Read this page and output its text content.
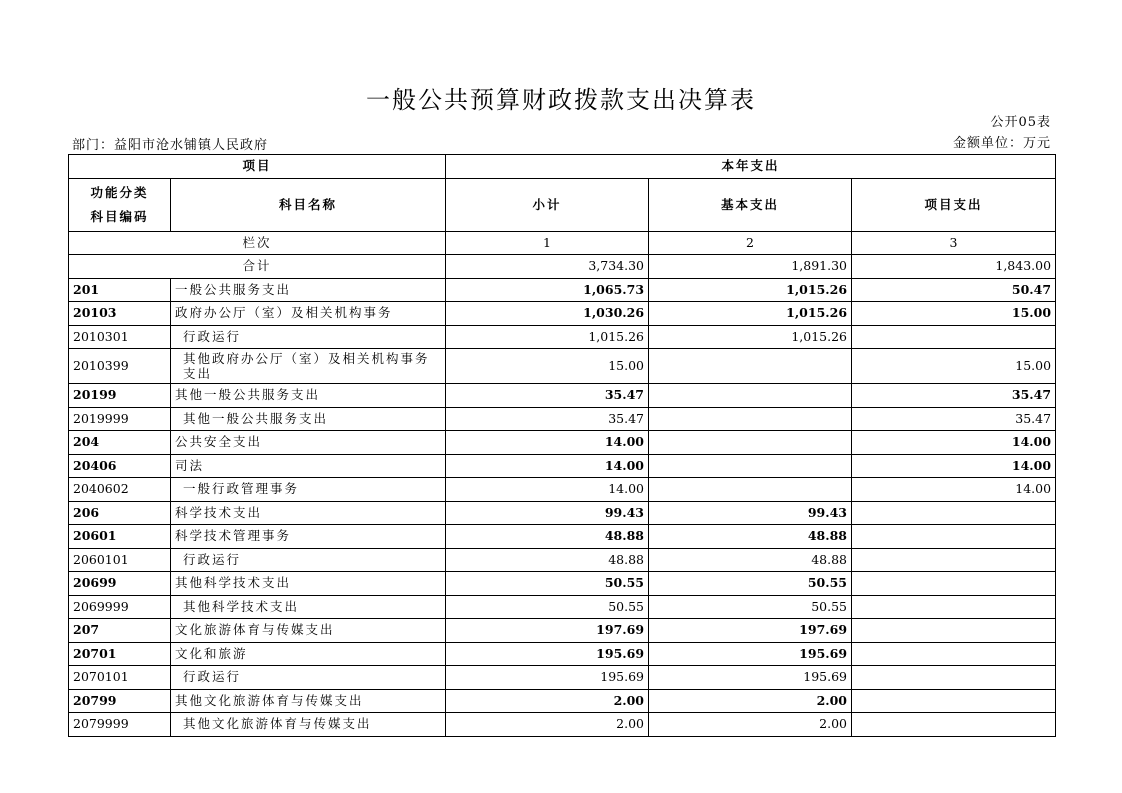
一般公共预算财政拨款支出决算表
公开05表
部门：益阳市沧水铺镇人民政府	金额单位：万元
项目		本年支出		

功能分类
科目编码	科目名称	小计	基本支出	项目支出
栏次		1	2	3
合计		3,734.30	1,891.30	1,843.00
201	一般公共服务支出	1,065.73	1,015.26	50.47
20103	政府办公厅（室）及相关机构事务	1,030.26	1,015.26	15.00
2010301	行政运行	1,015.26	1,015.26	
2010399	其他政府办公厅（室）及相关机构事务支出	15.00		15.00
20199	其他一般公共服务支出	35.47		35.47
2019999	其他一般公共服务支出	35.47		35.47
204	公共安全支出	14.00		14.00
20406	司法	14.00		14.00
2040602	一般行政管理事务	14.00		14.00
206	科学技术支出	99.43	99.43	
20601	科学技术管理事务	48.88	48.88	
2060101	行政运行	48.88	48.88	
20699	其他科学技术支出	50.55	50.55	
2069999	其他科学技术支出	50.55	50.55	
207	文化旅游体育与传媒支出	197.69	197.69	
20701	文化和旅游	195.69	195.69	
2070101	行政运行	195.69	195.69	
20799	其他文化旅游体育与传媒支出	2.00	2.00	
2079999	其他文化旅游体育与传媒支出	2.00	2.00	
